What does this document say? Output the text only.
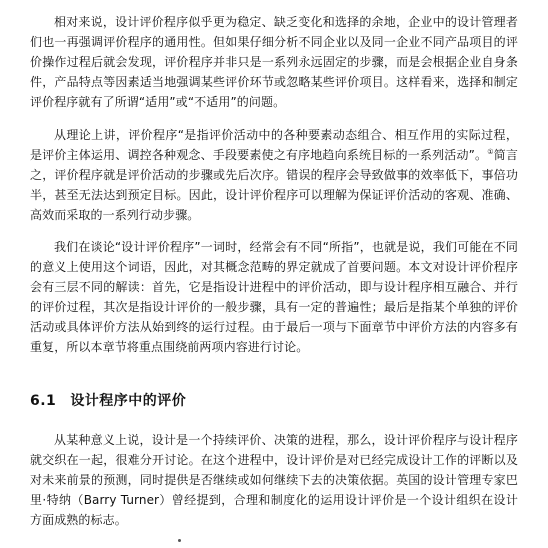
相对来说，设计评价程序似乎更为稳定、缺乏变化和选择的余地，企业中的设计管理者们也一再强调评价程序的通用性。但如果仔细分析不同企业以及同一企业不同产品项目的评价操作过程后就会发现，评价程序并非只是一系列永远固定的步骤，而是会根据企业自身条件，产品特点等因素适当地强调某些评价环节或忽略某些评价项目。这样看来，选择和制定评价程序就有了所谓“适用”或“不适用”的问题。

从理论上讲，评价程序“是指评价活动中的各种要素动态组合、相互作用的实际过程，是评价主体运用、调控各种观念、手段要素使之有序地趋向系统目标的一系列活动”。①简言之，评价程序就是评价活动的步骤或先后次序。错误的程序会导致做事的效率低下，事倍功半，甚至无法达到预定目标。因此，设计评价程序可以理解为保证评价活动的客观、准确、高效而采取的一系列行动步骤。

我们在谈论“设计评价程序”一词时，经常会有不同“所指”，也就是说，我们可能在不同的意义上使用这个词语，因此，对其概念范畴的界定就成了首要问题。本文对设计评价程序会有三层不同的解读：首先，它是指设计进程中的评价活动，即与设计程序相互融合、并行的评价过程，其次是指设计评价的一般步骤，具有一定的普遍性；最后是指某个单独的评价活动或具体评价方法从始到终的运行过程。由于最后一项与下面章节中评价方法的内容多有重复，所以本章节将重点围绕前两项内容进行讨论。

6.1 设计程序中的评价

从某种意义上说，设计是一个持续评价、决策的进程，那么，设计评价程序与设计程序就交织在一起，很难分开讨论。在这个进程中，设计评价是对已经完成设计工作的评断以及对未来前景的预测，同时提供是否继续或如何继续下去的决策依据。英国的设计管理专家巴里·特纳（Barry Turner）曾经提到，合理和制度化的运用设计评价是一个设计组织在设计方面成熟的标志。
